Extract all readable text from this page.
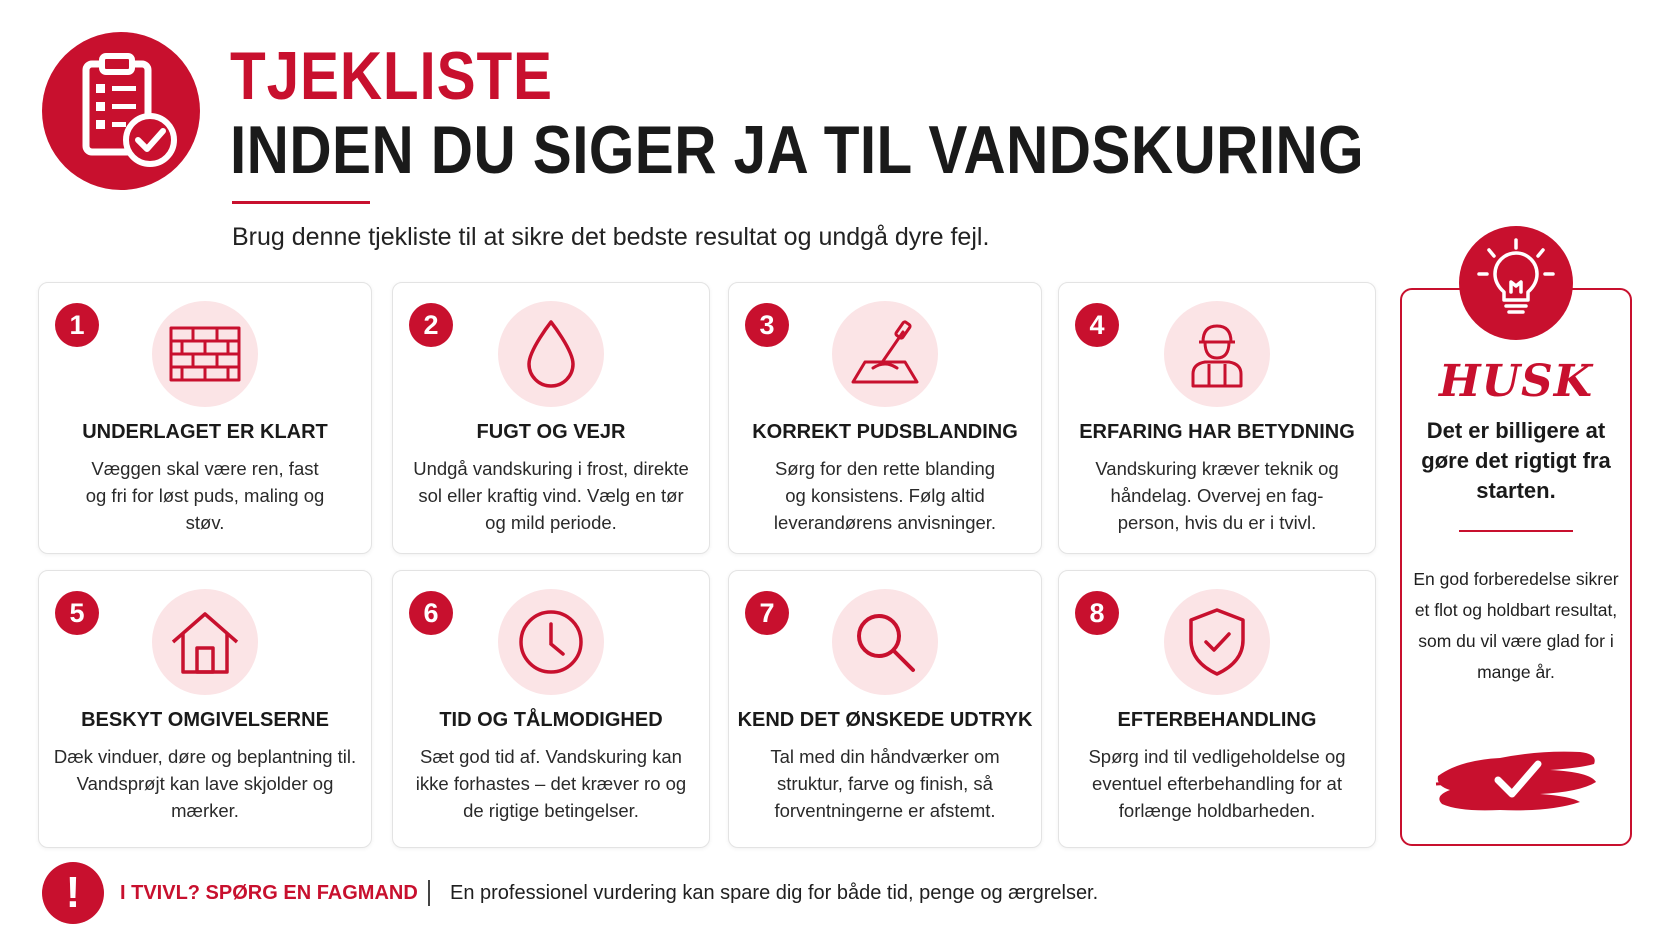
TJEKLISTE
INDEN DU SIGER JA TIL VANDSKURING
Brug denne tjekliste til at sikre det bedste resultat og undgå dyre fejl.
1
UNDERLAGET ER KLART
Væggen skal være ren, fast og fri for løst puds, maling og støv.
2
FUGT OG VEJR
Undgå vandskuring i frost, direkte sol eller kraftig vind. Vælg en tør og mild periode.
3
KORREKT PUDSBLANDING
Sørg for den rette blanding og konsistens. Følg altid leverandørens anvisninger.
4
ERFARING HAR BETYDNING
Vandskuring kræver teknik og håndelag. Overvej en fag-person, hvis du er i tvivl.
5
BESKYT OMGIVELSERNE
Dæk vinduer, døre og beplantning til. Vandsprøjt kan lave skjolder og mærker.
6
TID OG TÅLMODIGHED
Sæt god tid af. Vandskuring kan ikke forhastes – det kræver ro og de rigtige betingelser.
7
KEND DET ØNSKEDE UDTRYK
Tal med din håndværker om struktur, farve og finish, så forventningerne er afstemt.
8
EFTERBEHANDLING
Spørg ind til vedligeholdelse og eventuel efterbehandling for at forlænge holdbarheden.
HUSK
Det er billigere at gøre det rigtigt fra starten.
En god forberedelse sikrer et flot og holdbart resultat, som du vil være glad for i mange år.
!	I TVIVL? SPØRG EN FAGMAND En professionel vurdering kan spare dig for både tid, penge og ærgrelser.
